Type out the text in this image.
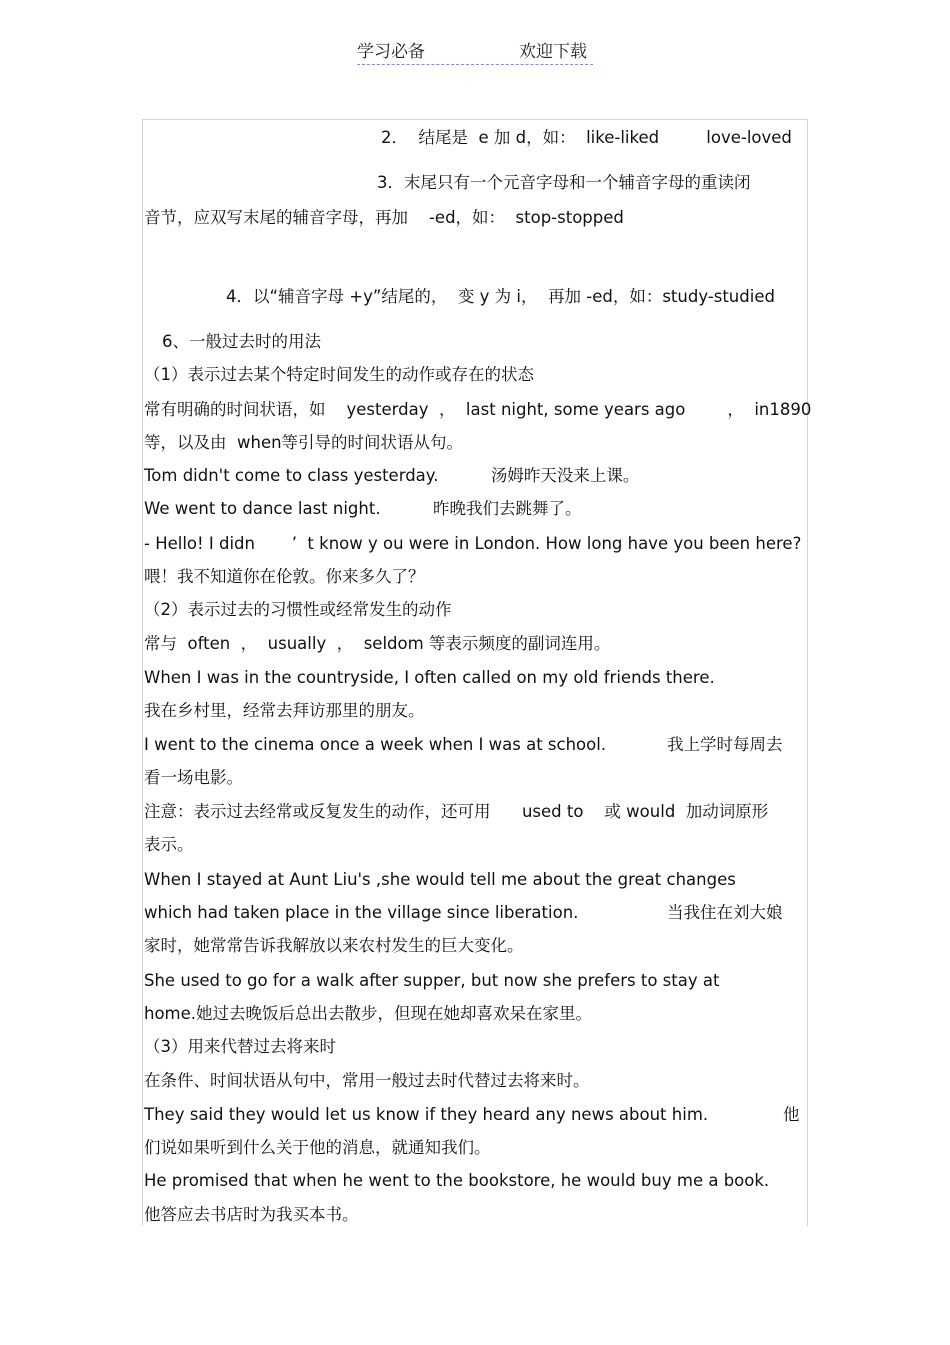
学习必备	欢迎下载
2．  结尾是  e 加 d，如：  like-liked         love-loved
3．末尾只有一个元音字母和一个辅音字母的重读闭
音节，应双写末尾的辅音字母，再加    -ed，如：  stop-stopped
4．以“辅音字母 +y”结尾的，  变 y 为 i，  再加 -ed，如：study-studied
6、一般过去时的用法
（1）表示过去某个特定时间发生的动作或存在的状态
常有明确的时间状语，如    yesterday  ，  last night, some years ago        ，  in1890
等，以及由  when等引导的时间状语从句。
Tom didn't come to class yesterday.          汤姆昨天没来上课。
We went to dance last night.          昨晚我们去跳舞了。
- Hello! I didn       ’  t know y ou were in London. How long have you been here?
喂！我不知道你在伦敦。你来多久了？
（2）表示过去的习惯性或经常发生的动作
常与  often  ，  usually  ，  seldom 等表示频度的副词连用。
When I was in the countryside, I often called on my old friends there.
我在乡村里，经常去拜访那里的朋友。
I went to the cinema once a week when I was at school.	我上学时每周去
看一场电影。
注意：表示过去经常或反复发生的动作，还可用      used to    或 would  加动词原形
表示。
When I stayed at Aunt Liu's ,she would tell me about the great changes
which had taken place in the village since liberation.	当我住在刘大娘
家时，她常常告诉我解放以来农村发生的巨大变化。
She used to go for a walk after supper, but now she prefers to stay at
home.她过去晚饭后总出去散步，但现在她却喜欢呆在家里。
（3）用来代替过去将来时
在条件、时间状语从句中，常用一般过去时代替过去将来时。
They said they would let us know if they heard any news about him.	他
们说如果听到什么关于他的消息，就通知我们。
He promised that when he went to the bookstore, he would buy me a book.
他答应去书店时为我买本书。
